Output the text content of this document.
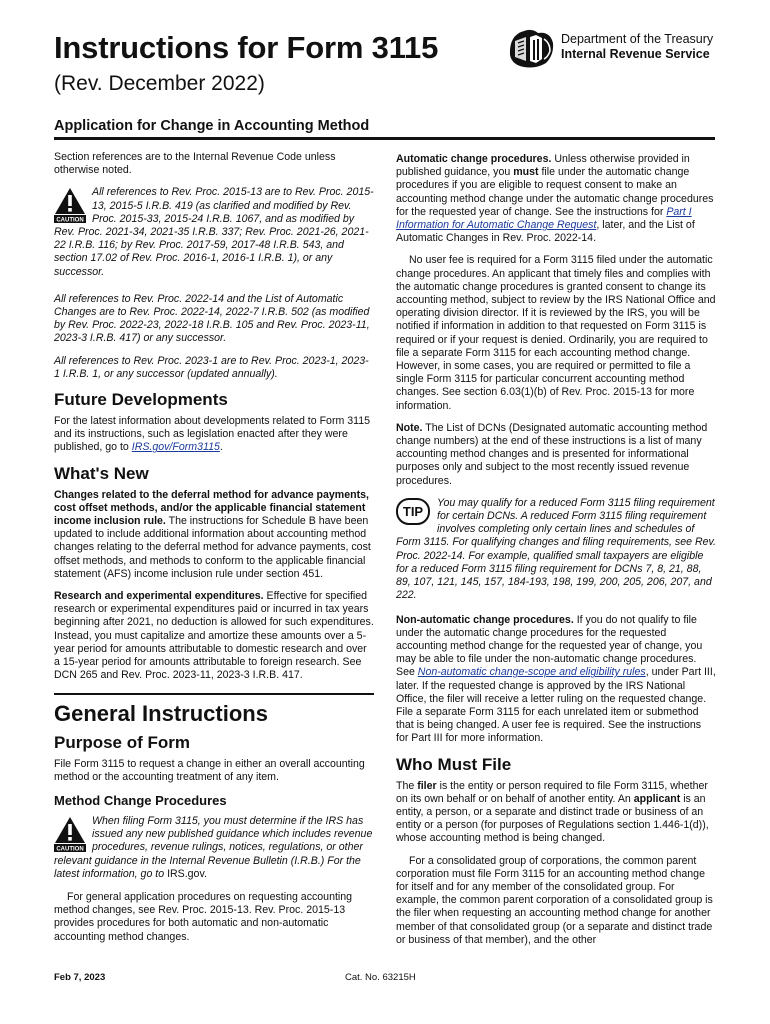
Instructions for Form 3115
(Rev. December 2022)
Department of the Treasury
Internal Revenue Service
Application for Change in Accounting Method

Section references are to the Internal Revenue Code unless otherwise noted.

CAUTION
All references to Rev. Proc. 2015-13 are to Rev. Proc. 2015-13, 2015-5 I.R.B. 419 (as clarified and modified by Rev. Proc. 2015-33, 2015-24 I.R.B. 1067, and as modified by Rev. Proc. 2021-34, 2021-35 I.R.B. 337; Rev. Proc. 2021-26, 2021-22 I.R.B. 116; by Rev. Proc. 2017-59, 2017-48 I.R.B. 543, and section 17.02 of Rev. Proc. 2016-1, 2016-1 I.R.B. 1), or any successor.

All references to Rev. Proc. 2022-14 and the List of Automatic Changes are to Rev. Proc. 2022-14, 2022-7 I.R.B. 502 (as modified by Rev. Proc. 2022-23, 2022-18 I.R.B. 105 and Rev. Proc. 2023-11, 2023-3 I.R.B. 417) or any successor.

All references to Rev. Proc. 2023-1 are to Rev. Proc. 2023-1, 2023-1 I.R.B. 1, or any successor (updated annually).

Future Developments

For the latest information about developments related to Form 3115 and its instructions, such as legislation enacted after they were published, go to IRS.gov/Form3115.

What's New

Changes related to the deferral method for advance payments, cost offset methods, and/or the applicable financial statement income inclusion rule. The instructions for Schedule B have been updated to include additional information about accounting method changes relating to the deferral method for advance payments, cost offset methods, and methods to conform to the applicable financial statement (AFS) income inclusion rule under section 451.

Research and experimental expenditures. Effective for specified research or experimental expenditures paid or incurred in tax years beginning after 2021, no deduction is allowed for such expenditures. Instead, you must capitalize and amortize these amounts over a 5-year period for amounts attributable to domestic research and over a 15-year period for amounts attributable to foreign research. See DCN 265 and Rev. Proc. 2023-11, 2023-3 I.R.B. 417.

General Instructions
Purpose of Form

File Form 3115 to request a change in either an overall accounting method or the accounting treatment of any item.

Method Change Procedures
CAUTION
When filing Form 3115, you must determine if the IRS has issued any new published guidance which includes revenue procedures, revenue rulings, notices, regulations, or other relevant guidance in the Internal Revenue Bulletin (I.R.B.) For the latest information, go to IRS.gov.

For general application procedures on requesting accounting method changes, see Rev. Proc. 2015-13. Rev. Proc. 2015-13 provides procedures for both automatic and non-automatic accounting method changes.

Automatic change procedures. Unless otherwise provided in published guidance, you must file under the automatic change procedures if you are eligible to request consent to make an accounting method change under the automatic change procedures for the requested year of change. See the instructions for Part I Information for Automatic Change Request, later, and the List of Automatic Changes in Rev. Proc. 2022-14.

No user fee is required for a Form 3115 filed under the automatic change procedures. An applicant that timely files and complies with the automatic change procedures is granted consent to change its accounting method, subject to review by the IRS National Office and operating division director. If it is reviewed by the IRS, you will be notified if information in addition to that requested on Form 3115 is required or if your request is denied. Ordinarily, you are required to file a separate Form 3115 for each accounting method change. However, in some cases, you are required or permitted to file a single Form 3115 for particular concurrent accounting method changes. See section 6.03(1)(b) of Rev. Proc. 2015-13 for more information.

Note. The List of DCNs (Designated automatic accounting method change numbers) at the end of these instructions is a list of many accounting method changes and is presented for informational purposes only and subject to the most recently issued revenue procedures.

TIP
You may qualify for a reduced Form 3115 filing requirement for certain DCNs. A reduced Form 3115 filing requirement involves completing only certain lines and schedules of Form 3115. For qualifying changes and filing requirements, see Rev. Proc. 2022-14. For example, qualified small taxpayers are eligible for a reduced Form 3115 filing requirement for DCNs 7, 8, 21, 88, 89, 107, 121, 145, 157, 184-193, 198, 199, 200, 205, 206, 207, and 222.

Non-automatic change procedures. If you do not qualify to file under the automatic change procedures for the requested accounting method change for the requested year of change, you may be able to file under the non-automatic change procedures. See Non-automatic change-scope and eligibility rules, under Part III, later. If the requested change is approved by the IRS National Office, the filer will receive a letter ruling on the requested change. File a separate Form 3115 for each unrelated item or submethod that is being changed. A user fee is required. See the instructions for Part III for more information.

Who Must File

The filer is the entity or person required to file Form 3115, whether on its own behalf or on behalf of another entity. An applicant is an entity, a person, or a separate and distinct trade or business of an entity or a person (for purposes of Regulations section 1.446-1(d)), whose accounting method is being changed.

For a consolidated group of corporations, the common parent corporation must file Form 3115 for an accounting method change for itself and for any member of the consolidated group. For example, the common parent corporation of a consolidated group is the filer when requesting an accounting method change for another member of that consolidated group (or a separate and distinct trade or business of that member), and the other

Feb 7, 2023	Cat. No. 63215H
